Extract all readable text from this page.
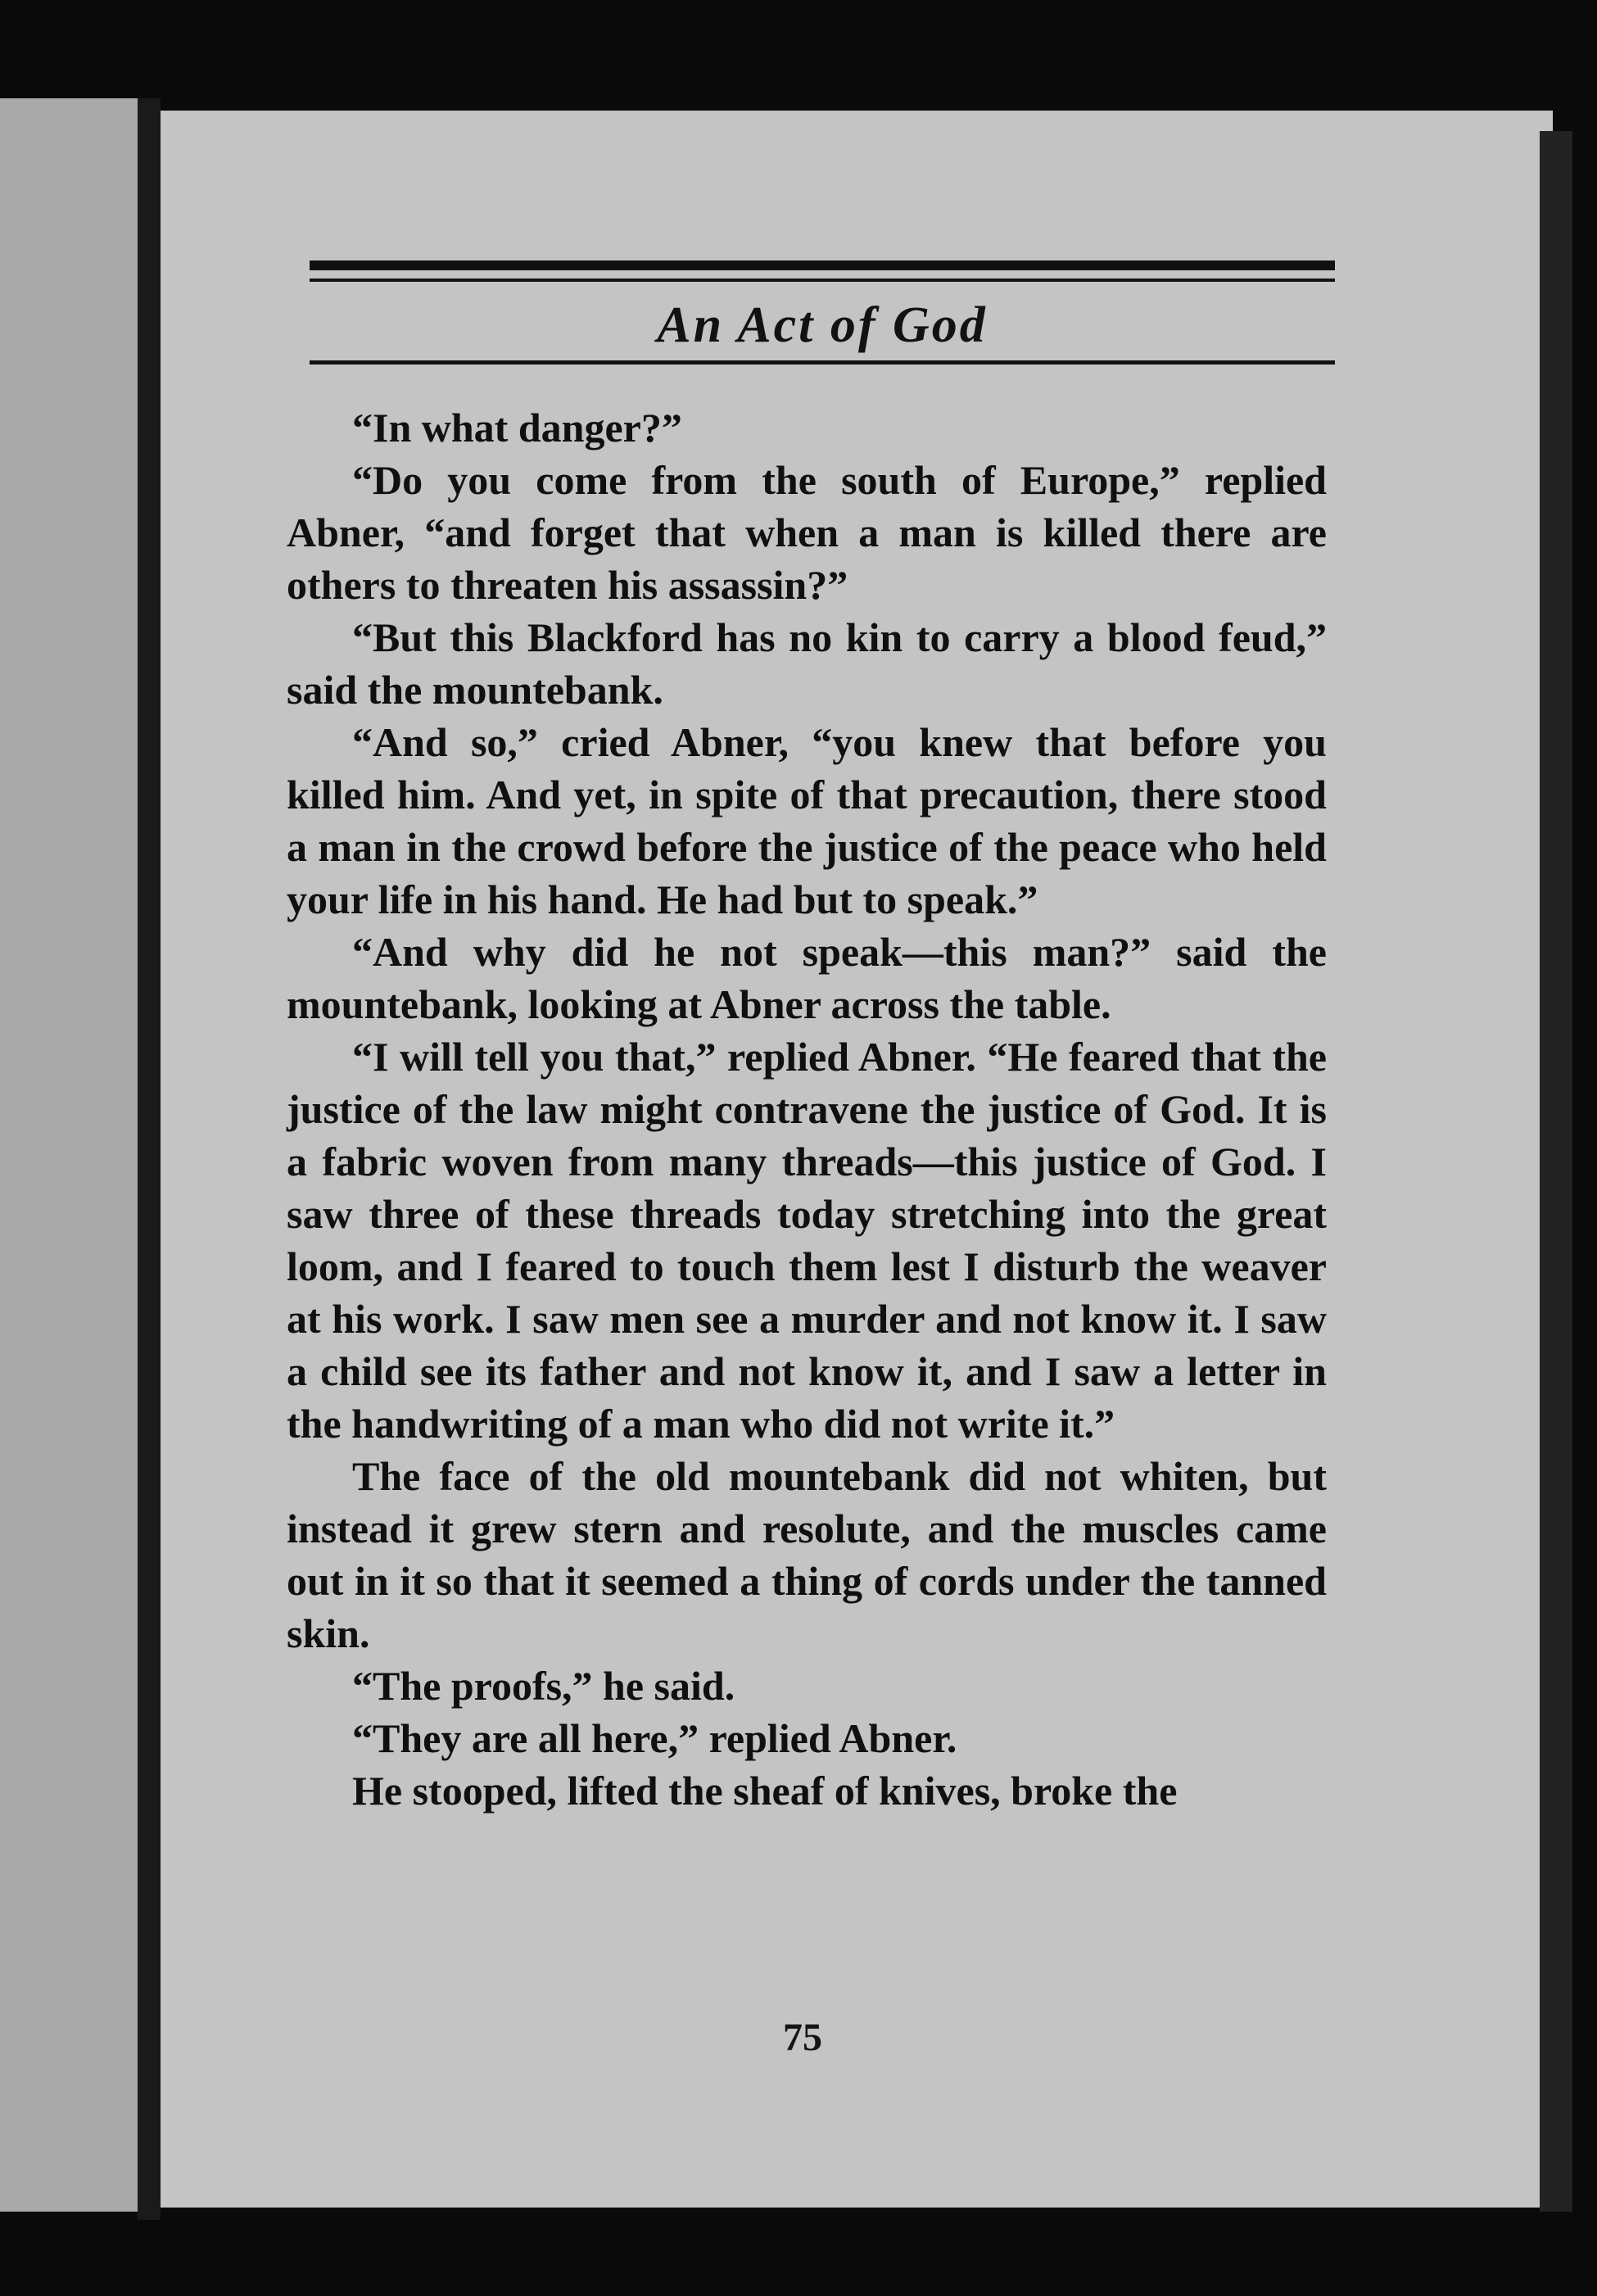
An Act of God

“In what danger?”

“Do you come from the south of Europe,” replied Abner, “and forget that when a man is killed there are others to threaten his assassin?”

“But this Blackford has no kin to carry a blood feud,” said the mountebank.

“And so,” cried Abner, “you knew that before you killed him. And yet, in spite of that precaution, there stood a man in the crowd before the justice of the peace who held your life in his hand. He had but to speak.”

“And why did he not speak—this man?” said the mountebank, looking at Abner across the table.

“I will tell you that,” replied Abner. “He feared that the justice of the law might contravene the justice of God. It is a fabric woven from many threads—this justice of God. I saw three of these threads today stretching into the great loom, and I feared to touch them lest I disturb the weaver at his work. I saw men see a murder and not know it. I saw a child see its father and not know it, and I saw a letter in the handwriting of a man who did not write it.”

The face of the old mountebank did not whiten, but instead it grew stern and resolute, and the muscles came out in it so that it seemed a thing of cords under the tanned skin.

“The proofs,” he said.

“They are all here,” replied Abner.

He stooped, lifted the sheaf of knives, broke the

75
